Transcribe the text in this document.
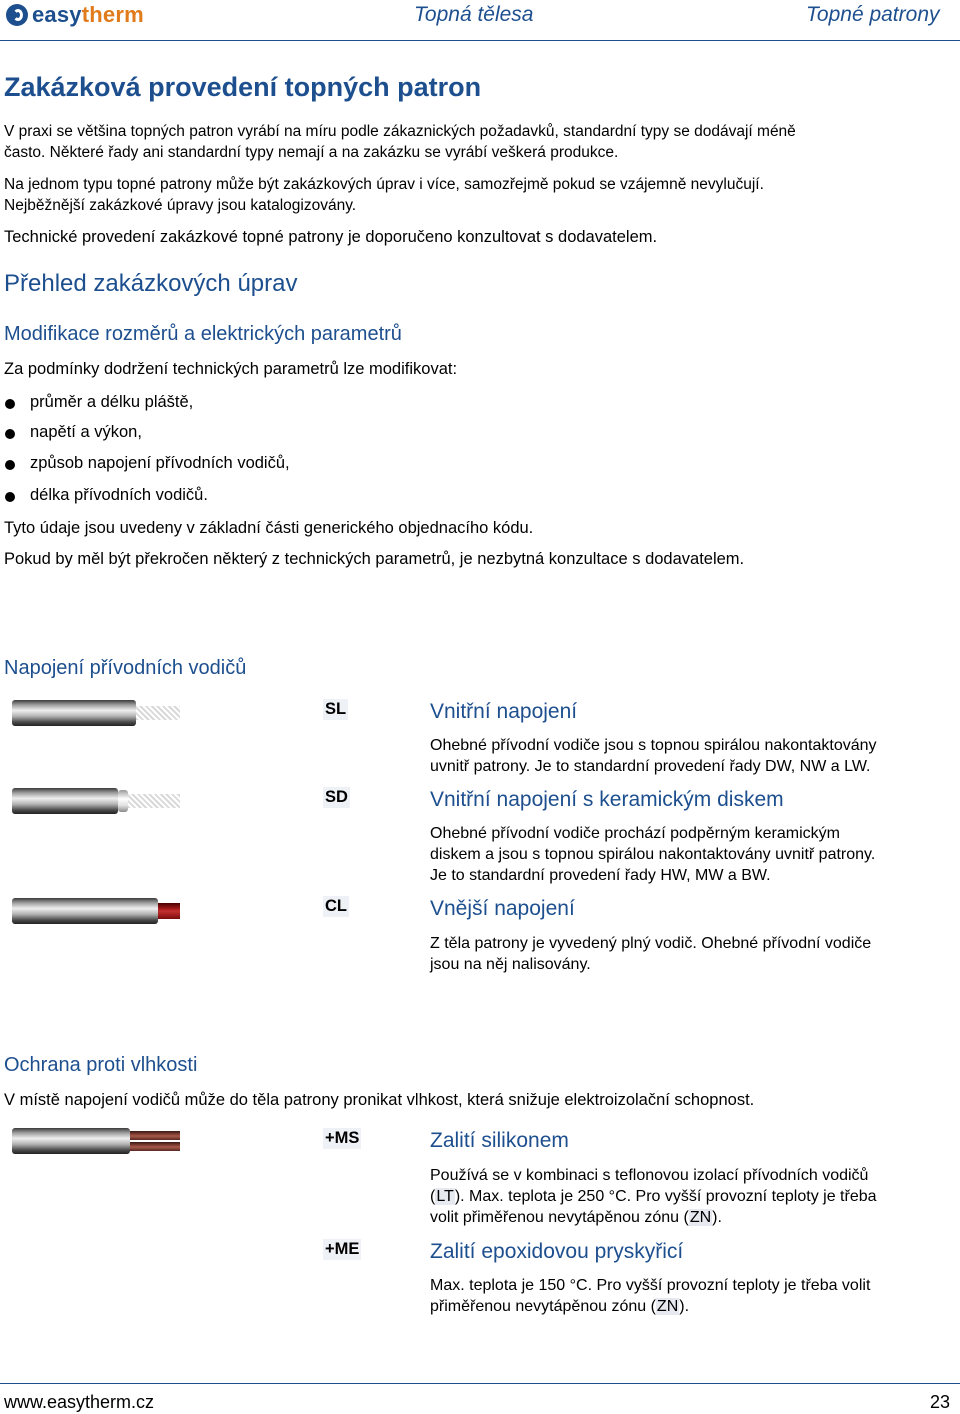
easytherm	Topná tělesa	Topné patrony
Zakázková provedení topných patron
V praxi se většina topných patron vyrábí na míru podle zákaznických požadavků, standardní typy se dodávají méně
často. Některé řady ani standardní typy nemají a na zakázku se vyrábí veškerá produkce.
Na jednom typu topné patrony může být zakázkových úprav i více, samozřejmě pokud se vzájemně nevylučují.
Nejběžnější zakázkové úpravy jsou katalogizovány.
Technické provedení zakázkové topné patrony je doporučeno konzultovat s dodavatelem.
Přehled zakázkových úprav
Modifikace rozměrů a elektrických parametrů
Za podmínky dodržení technických parametrů lze modifikovat:
průměr a délku pláště,
napětí a výkon,
způsob napojení přívodních vodičů,
délka přívodních vodičů.
Tyto údaje jsou uvedeny v základní části generického objednacího kódu.
Pokud by měl být překročen některý z technických parametrů, je nezbytná konzultace s dodavatelem.
Napojení přívodních vodičů
SL	Vnitřní napojení
Ohebné přívodní vodiče jsou s topnou spirálou nakontaktovány
uvnitř patrony. Je to standardní provedení řady DW, NW a LW.
SD	Vnitřní napojení s keramickým diskem
Ohebné přívodní vodiče prochází podpěrným keramickým
diskem a jsou s topnou spirálou nakontaktovány uvnitř patrony.
Je to standardní provedení řady HW, MW a BW.
CL	Vnější napojení
Z těla patrony je vyvedený plný vodič. Ohebné přívodní vodiče
jsou na něj nalisovány.
Ochrana proti vlhkosti
V místě napojení vodičů může do těla patrony pronikat vlhkost, která snižuje elektroizolační schopnost.
+MS	Zalití silikonem
Používá se v kombinaci s teflonovou izolací přívodních vodičů
(LT). Max. teplota je 250 °C. Pro vyšší provozní teploty je třeba
volit přiměřenou nevytápěnou zónu (ZN).
+ME	Zalití epoxidovou pryskyřicí
Max. teplota je 150 °C. Pro vyšší provozní teploty je třeba volit
přiměřenou nevytápěnou zónu (ZN).
www.easytherm.cz	23
